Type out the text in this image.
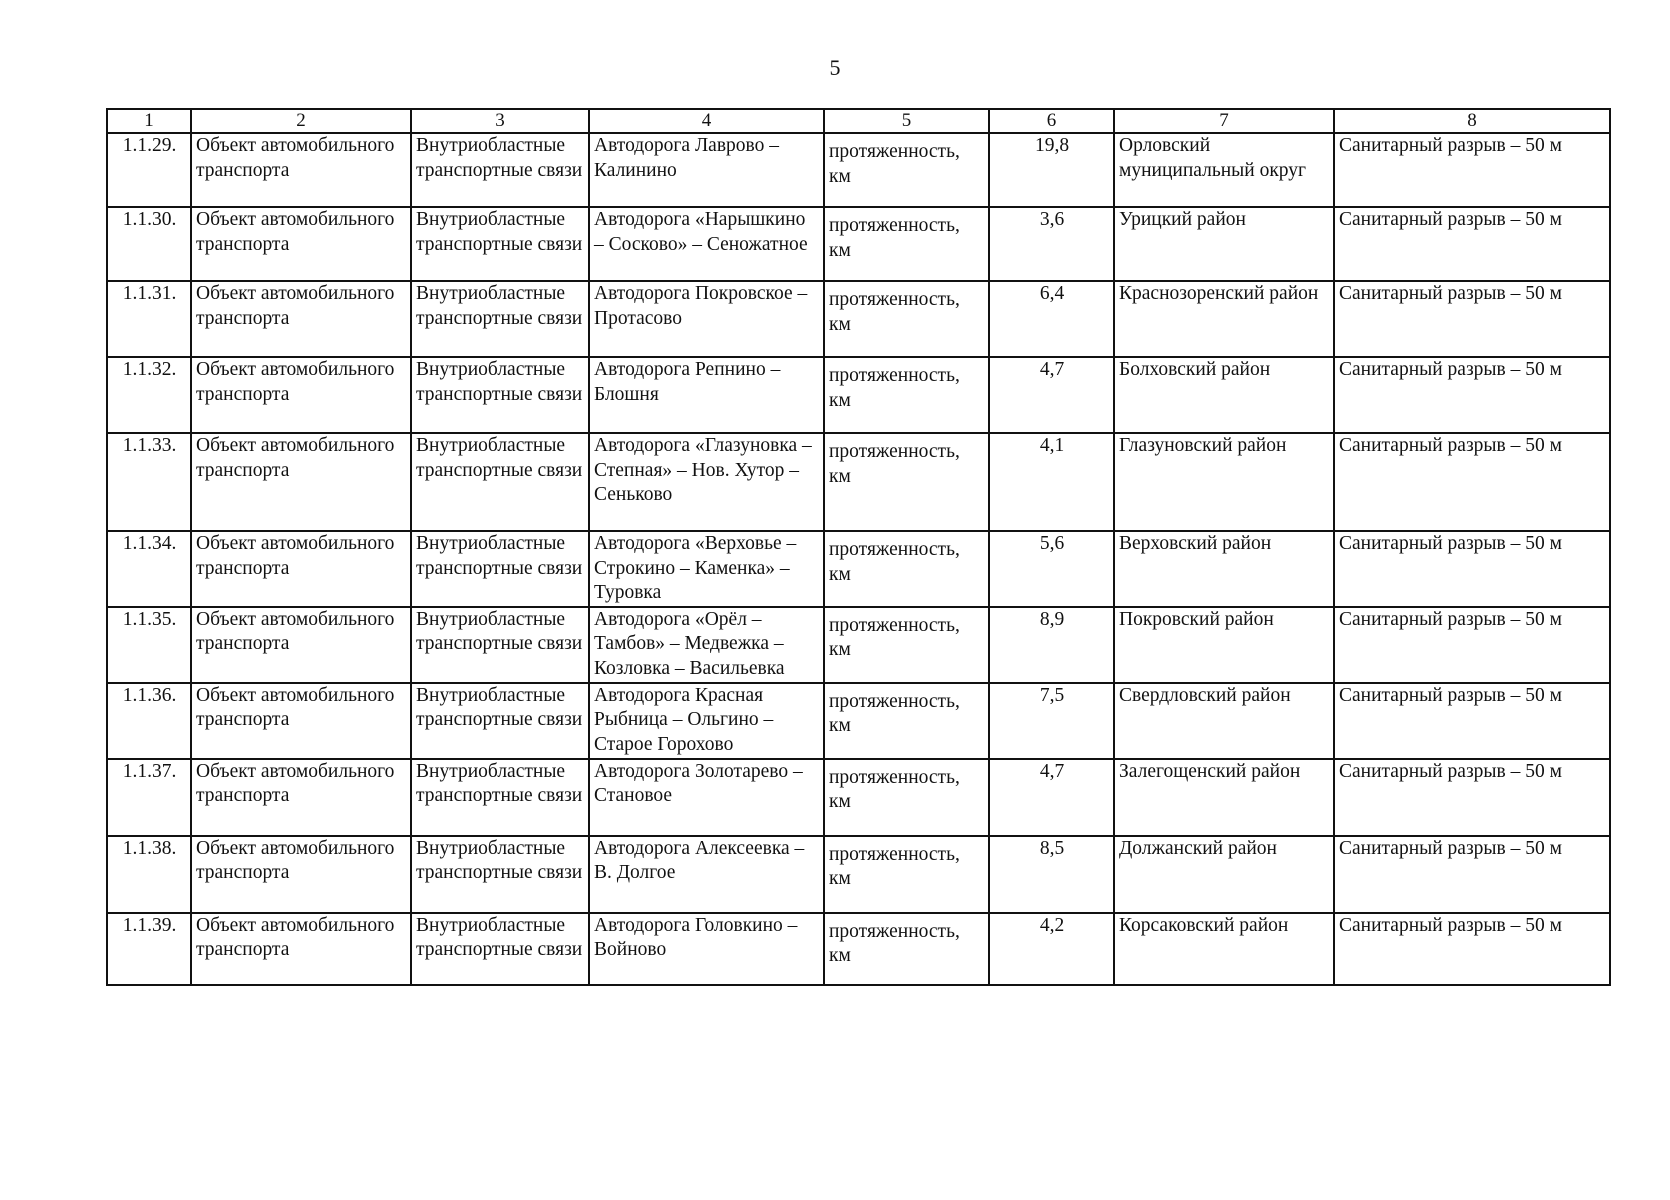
5
1	2	3	4	5	6	7	8
1.1.29.	Объект автомобильного транспорта	Внутриобластные транспортные связи	Автодорога Лаврово – Калинино	протяженность, км	19,8	Орловский муниципальный округ	Санитарный разрыв – 50 м
1.1.30.	Объект автомобильного транспорта	Внутриобластные транспортные связи	Автодорога «Нарышкино – Сосково» – Сеножатное	протяженность, км	3,6	Урицкий район	Санитарный разрыв – 50 м
1.1.31.	Объект автомобильного транспорта	Внутриобластные транспортные связи	Автодорога Покровское – Протасово	протяженность, км	6,4	Краснозоренский район	Санитарный разрыв – 50 м
1.1.32.	Объект автомобильного транспорта	Внутриобластные транспортные связи	Автодорога Репнино – Блошня	протяженность, км	4,7	Болховский район	Санитарный разрыв – 50 м
1.1.33.	Объект автомобильного транспорта	Внутриобластные транспортные связи	Автодорога «Глазуновка – Степная» – Нов. Хутор – Сеньково	протяженность, км	4,1	Глазуновский район	Санитарный разрыв – 50 м
1.1.34.	Объект автомобильного транспорта	Внутриобластные транспортные связи	Автодорога «Верховье – Строкино – Каменка» – Туровка	протяженность, км	5,6	Верховский район	Санитарный разрыв – 50 м
1.1.35.	Объект автомобильного транспорта	Внутриобластные транспортные связи	Автодорога «Орёл – Тамбов» – Медвежка – Козловка – Васильевка	протяженность, км	8,9	Покровский район	Санитарный разрыв – 50 м
1.1.36.	Объект автомобильного транспорта	Внутриобластные транспортные связи	Автодорога Красная Рыбница – Ольгино – Старое Горохово	протяженность, км	7,5	Свердловский район	Санитарный разрыв – 50 м
1.1.37.	Объект автомобильного транспорта	Внутриобластные транспортные связи	Автодорога Золотарево – Становое	протяженность, км	4,7	Залегощенский район	Санитарный разрыв – 50 м
1.1.38.	Объект автомобильного транспорта	Внутриобластные транспортные связи	Автодорога Алексеевка – В. Долгое	протяженность, км	8,5	Должанский район	Санитарный разрыв – 50 м
1.1.39.	Объект автомобильного транспорта	Внутриобластные транспортные связи	Автодорога Головкино – Войново	протяженность, км	4,2	Корсаковский район	Санитарный разрыв – 50 м
